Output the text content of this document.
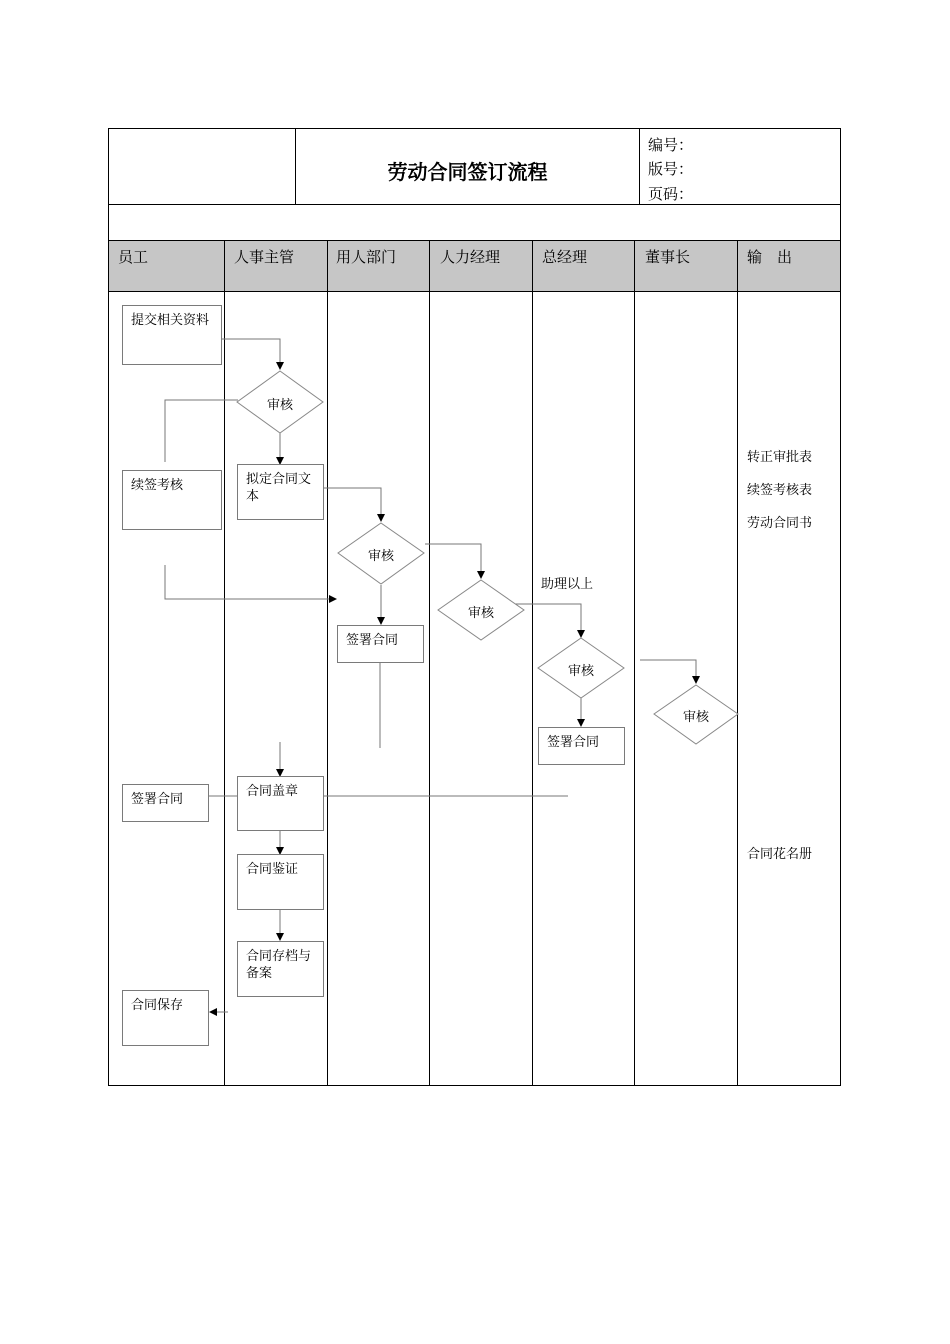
劳动合同签订流程
编号：
版号：
页码：
员工	人事主管	用人部门	人力经理	总经理	董事长	输　出
提交相关资料
续签考核
签署合同
合同保存
审核
拟定合同文本
合同盖章
合同鉴证
合同存档与备案
审核
签署合同
审核
助理以上
审核
签署合同
审核
转正审批表
续签考核表
劳动合同书
合同花名册
